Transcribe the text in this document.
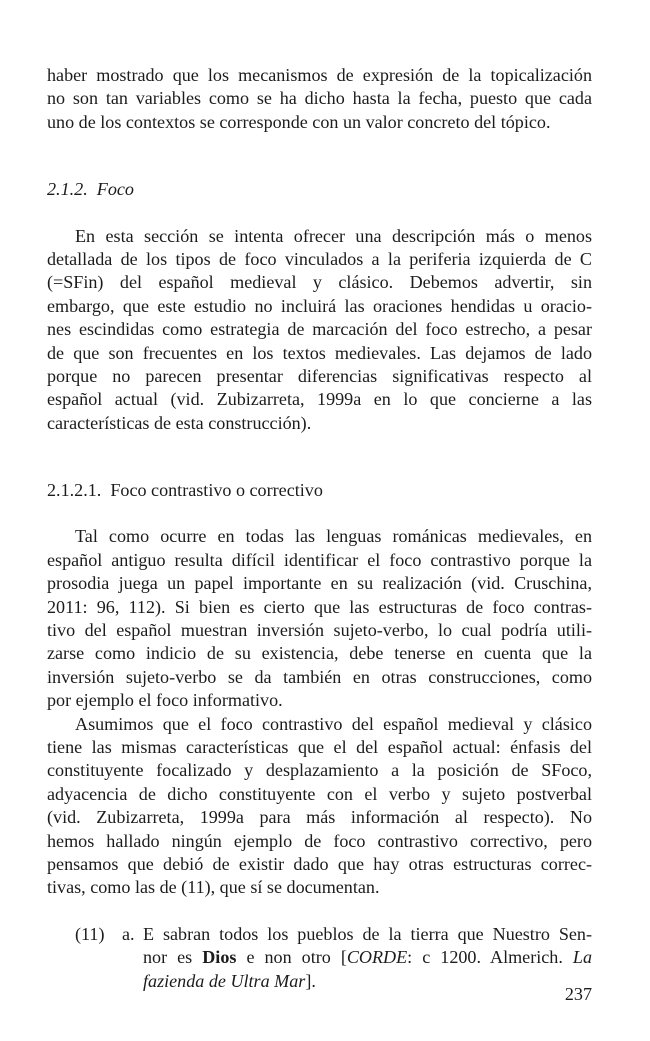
haber mostrado que los mecanismos de expresión de la topicalización
no son tan variables como se ha dicho hasta la fecha, puesto que cada
uno de los contextos se corresponde con un valor concreto del tópico.
2.1.2. Foco
En esta sección se intenta ofrecer una descripción más o menos
detallada de los tipos de foco vinculados a la periferia izquierda de C
(=SFin) del español medieval y clásico. Debemos advertir, sin
embargo, que este estudio no incluirá las oraciones hendidas u oracio-
nes escindidas como estrategia de marcación del foco estrecho, a pesar
de que son frecuentes en los textos medievales. Las dejamos de lado
porque no parecen presentar diferencias significativas respecto al
español actual (vid. Zubizarreta, 1999a en lo que concierne a las
características de esta construcción).
2.1.2.1. Foco contrastivo o correctivo
Tal como ocurre en todas las lenguas románicas medievales, en
español antiguo resulta difícil identificar el foco contrastivo porque la
prosodia juega un papel importante en su realización (vid. Cruschina,
2011: 96, 112). Si bien es cierto que las estructuras de foco contras-
tivo del español muestran inversión sujeto-verbo, lo cual podría utili-
zarse como indicio de su existencia, debe tenerse en cuenta que la
inversión sujeto-verbo se da también en otras construcciones, como
por ejemplo el foco informativo.
Asumimos que el foco contrastivo del español medieval y clásico
tiene las mismas características que el del español actual: énfasis del
constituyente focalizado y desplazamiento a la posición de SFoco,
adyacencia de dicho constituyente con el verbo y sujeto postverbal
(vid. Zubizarreta, 1999a para más información al respecto). No
hemos hallado ningún ejemplo de foco contrastivo correctivo, pero
pensamos que debió de existir dado que hay otras estructuras correc-
tivas, como las de (11), que sí se documentan.
(11) a. E sabran todos los pueblos de la tierra que Nuestro Sen-
nor es Dios e non otro [CORDE: c 1200. Almerich. La
fazienda de Ultra Mar].
237
